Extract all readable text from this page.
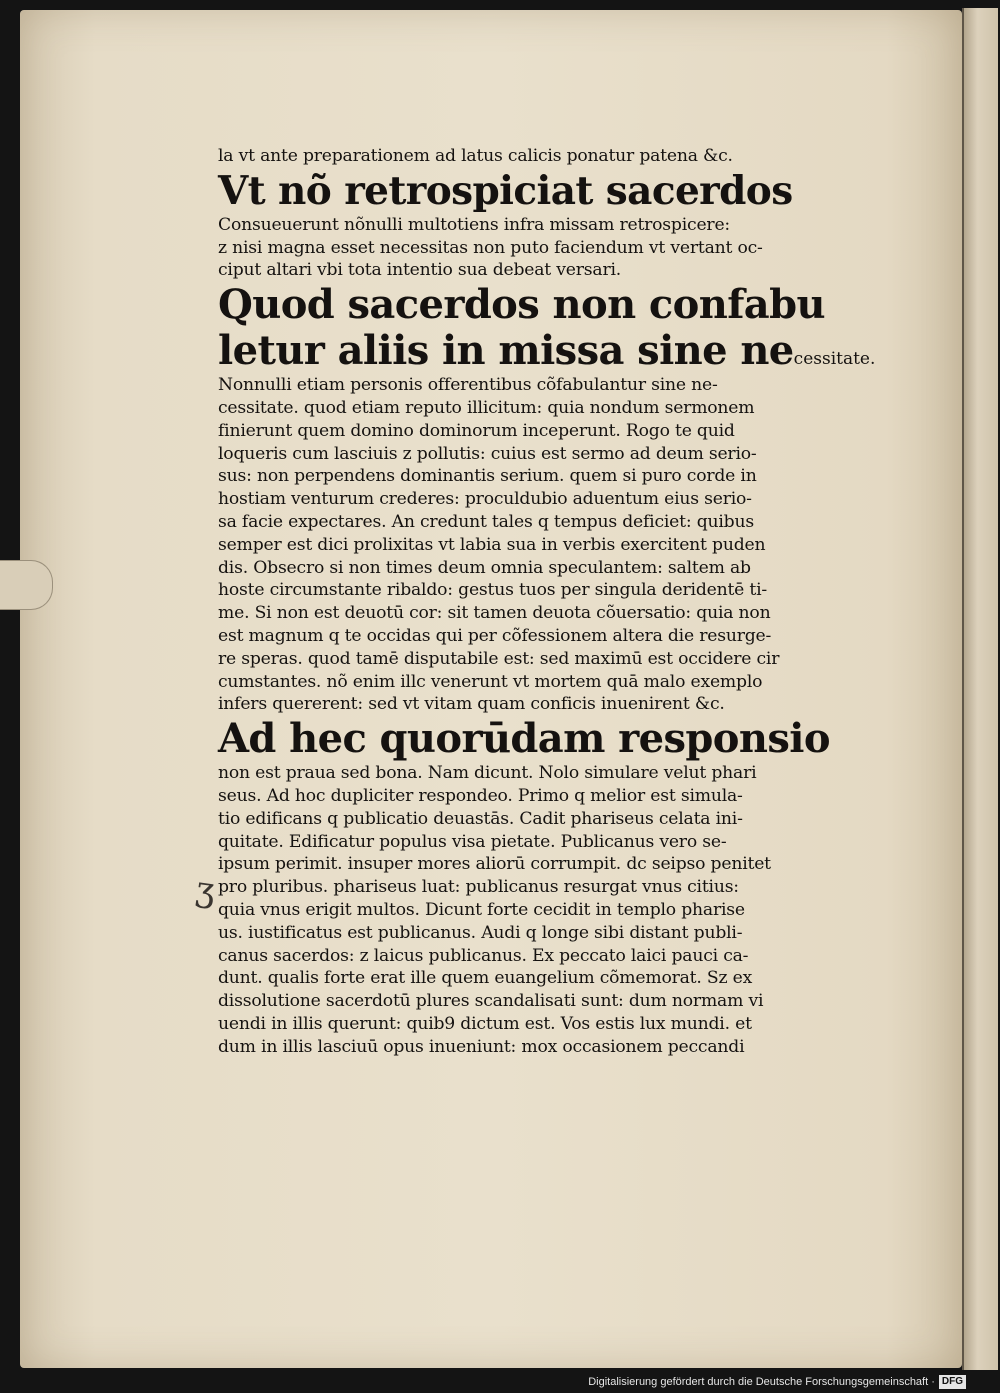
la vt ante preparationem ad latus calicis ponatur patena &c.
Vt nõ retrospiciat sacerdos
Consueuerunt nõnulli multotiens infra missam retrospicere:
z nisi magna esset necessitas non puto faciendum vt vertant oc-
ciput altari vbi tota intentio sua debeat versari.
Quod sacerdos non confabu
letur aliis in missa sine necessitate.
Nonnulli etiam personis offerentibus cõfabulantur sine ne-
cessitate. quod etiam reputo illicitum: quia nondum sermonem
finierunt quem domino dominorum inceperunt. Rogo te quid
loqueris cum lasciuis z pollutis: cuius est sermo ad deum serio-
sus: non perpendens dominantis serium. quem si puro corde in
hostiam venturum crederes: proculdubio aduentum eius serio-
sa facie expectares. An credunt tales q tempus deficiet: quibus
semper est dici prolixitas vt labia sua in verbis exercitent puden
dis. Obsecro si non times deum omnia speculantem: saltem ab
hoste circumstante ribaldo: gestus tuos per singula deridentē ti-
me. Si non est deuotū cor: sit tamen deuota cõuersatio: quia non
est magnum q te occidas qui per cõfessionem altera die resurge-
re speras. quod tamē disputabile est: sed maximū est occidere cir
cumstantes. nõ enim illc venerunt vt mortem quā malo exemplo
infers quererent: sed vt vitam quam conficis inuenirent &c.
Ad hec quorūdam responsio
non est praua sed bona. Nam dicunt. Nolo simulare velut phari
seus. Ad hoc dupliciter respondeo. Primo q melior est simula-
tio edificans q publicatio deuastās. Cadit phariseus celata ini-
quitate. Edificatur populus visa pietate. Publicanus vero se-
ipsum perimit. insuper mores aliorū corrumpit. dc seipso penitet
pro pluribus. phariseus luat: publicanus resurgat vnus citius:
quia vnus erigit multos. Dicunt forte cecidit in templo pharise
us. iustificatus est publicanus. Audi q longe sibi distant publi-
canus sacerdos: z laicus publicanus. Ex peccato laici pauci ca-
dunt. qualis forte erat ille quem euangelium cõmemorat. Sz ex
dissolutione sacerdotū plures scandalisati sunt: dum normam vi
uendi in illis querunt: quib9 dictum est. Vos estis lux mundi. et
dum in illis lasciuū opus inueniunt: mox occasionem peccandi
ʒ
Digitalisierung gefördert durch die Deutsche Forschungsgemeinschaft · DFG
